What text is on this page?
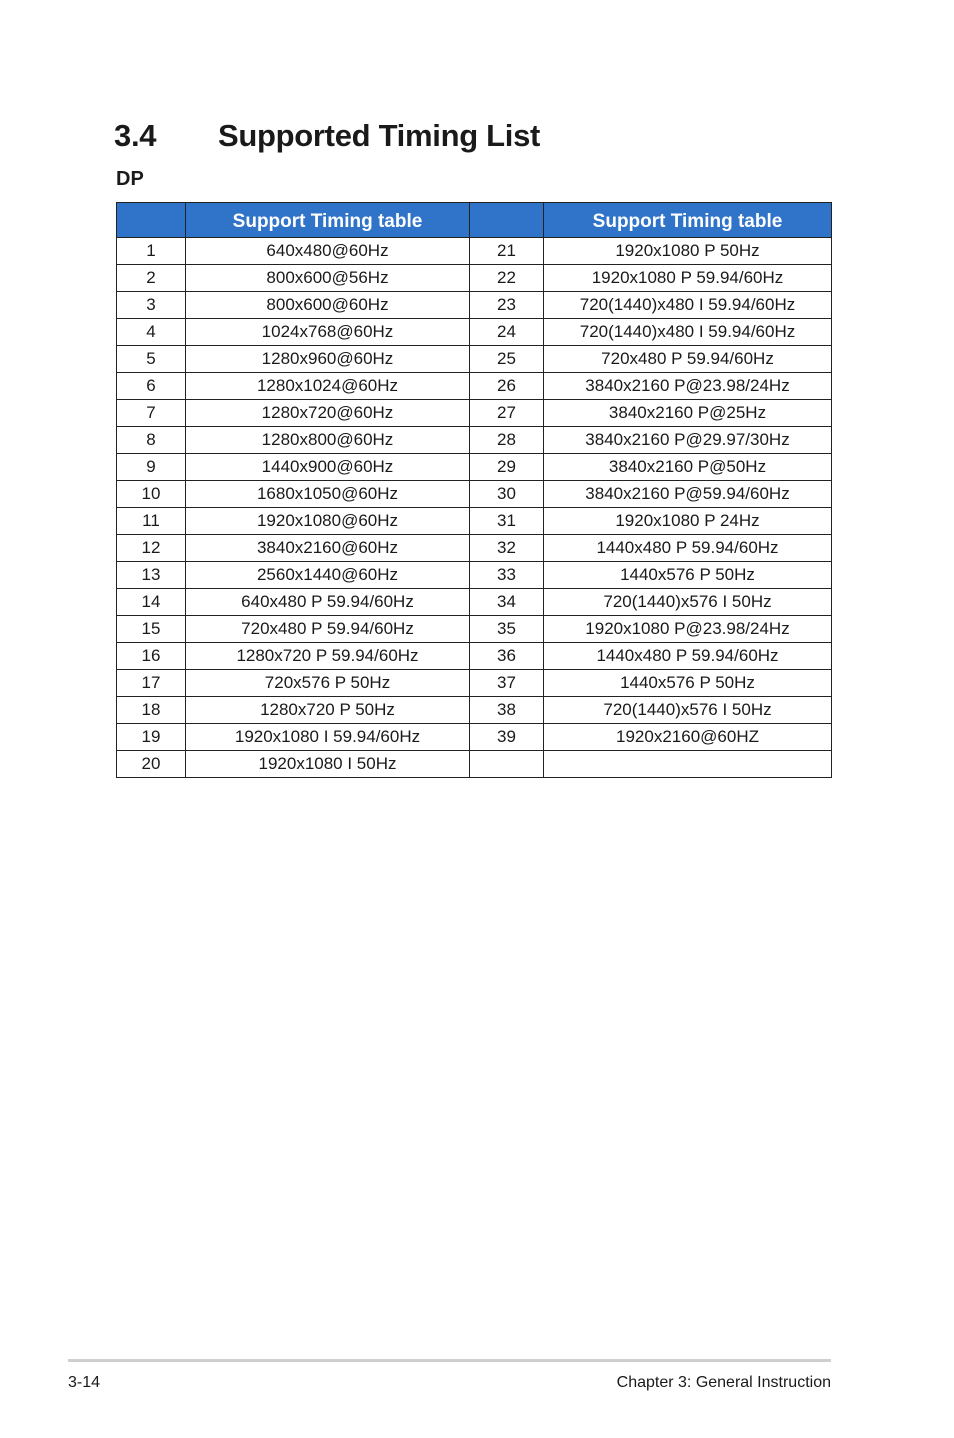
3.4 Supported Timing List
DP
	Support Timing table		Support Timing table
1	640x480@60Hz	21	1920x1080 P 50Hz
2	800x600@56Hz	22	1920x1080 P 59.94/60Hz
3	800x600@60Hz	23	720(1440)x480 I 59.94/60Hz
4	1024x768@60Hz	24	720(1440)x480 I 59.94/60Hz
5	1280x960@60Hz	25	720x480 P 59.94/60Hz
6	1280x1024@60Hz	26	3840x2160 P@23.98/24Hz
7	1280x720@60Hz	27	3840x2160 P@25Hz
8	1280x800@60Hz	28	3840x2160 P@29.97/30Hz
9	1440x900@60Hz	29	3840x2160 P@50Hz
10	1680x1050@60Hz	30	3840x2160 P@59.94/60Hz
11	1920x1080@60Hz	31	1920x1080 P 24Hz
12	3840x2160@60Hz	32	1440x480 P 59.94/60Hz
13	2560x1440@60Hz	33	1440x576 P 50Hz
14	640x480 P 59.94/60Hz	34	720(1440)x576 I 50Hz
15	720x480 P 59.94/60Hz	35	1920x1080 P@23.98/24Hz
16	1280x720 P 59.94/60Hz	36	1440x480 P 59.94/60Hz
17	720x576 P 50Hz	37	1440x576 P 50Hz
18	1280x720 P 50Hz	38	720(1440)x576 I 50Hz
19	1920x1080 I 59.94/60Hz	39	1920x2160@60HZ
20	1920x1080 I 50Hz		
3-14	Chapter 3: General Instruction
